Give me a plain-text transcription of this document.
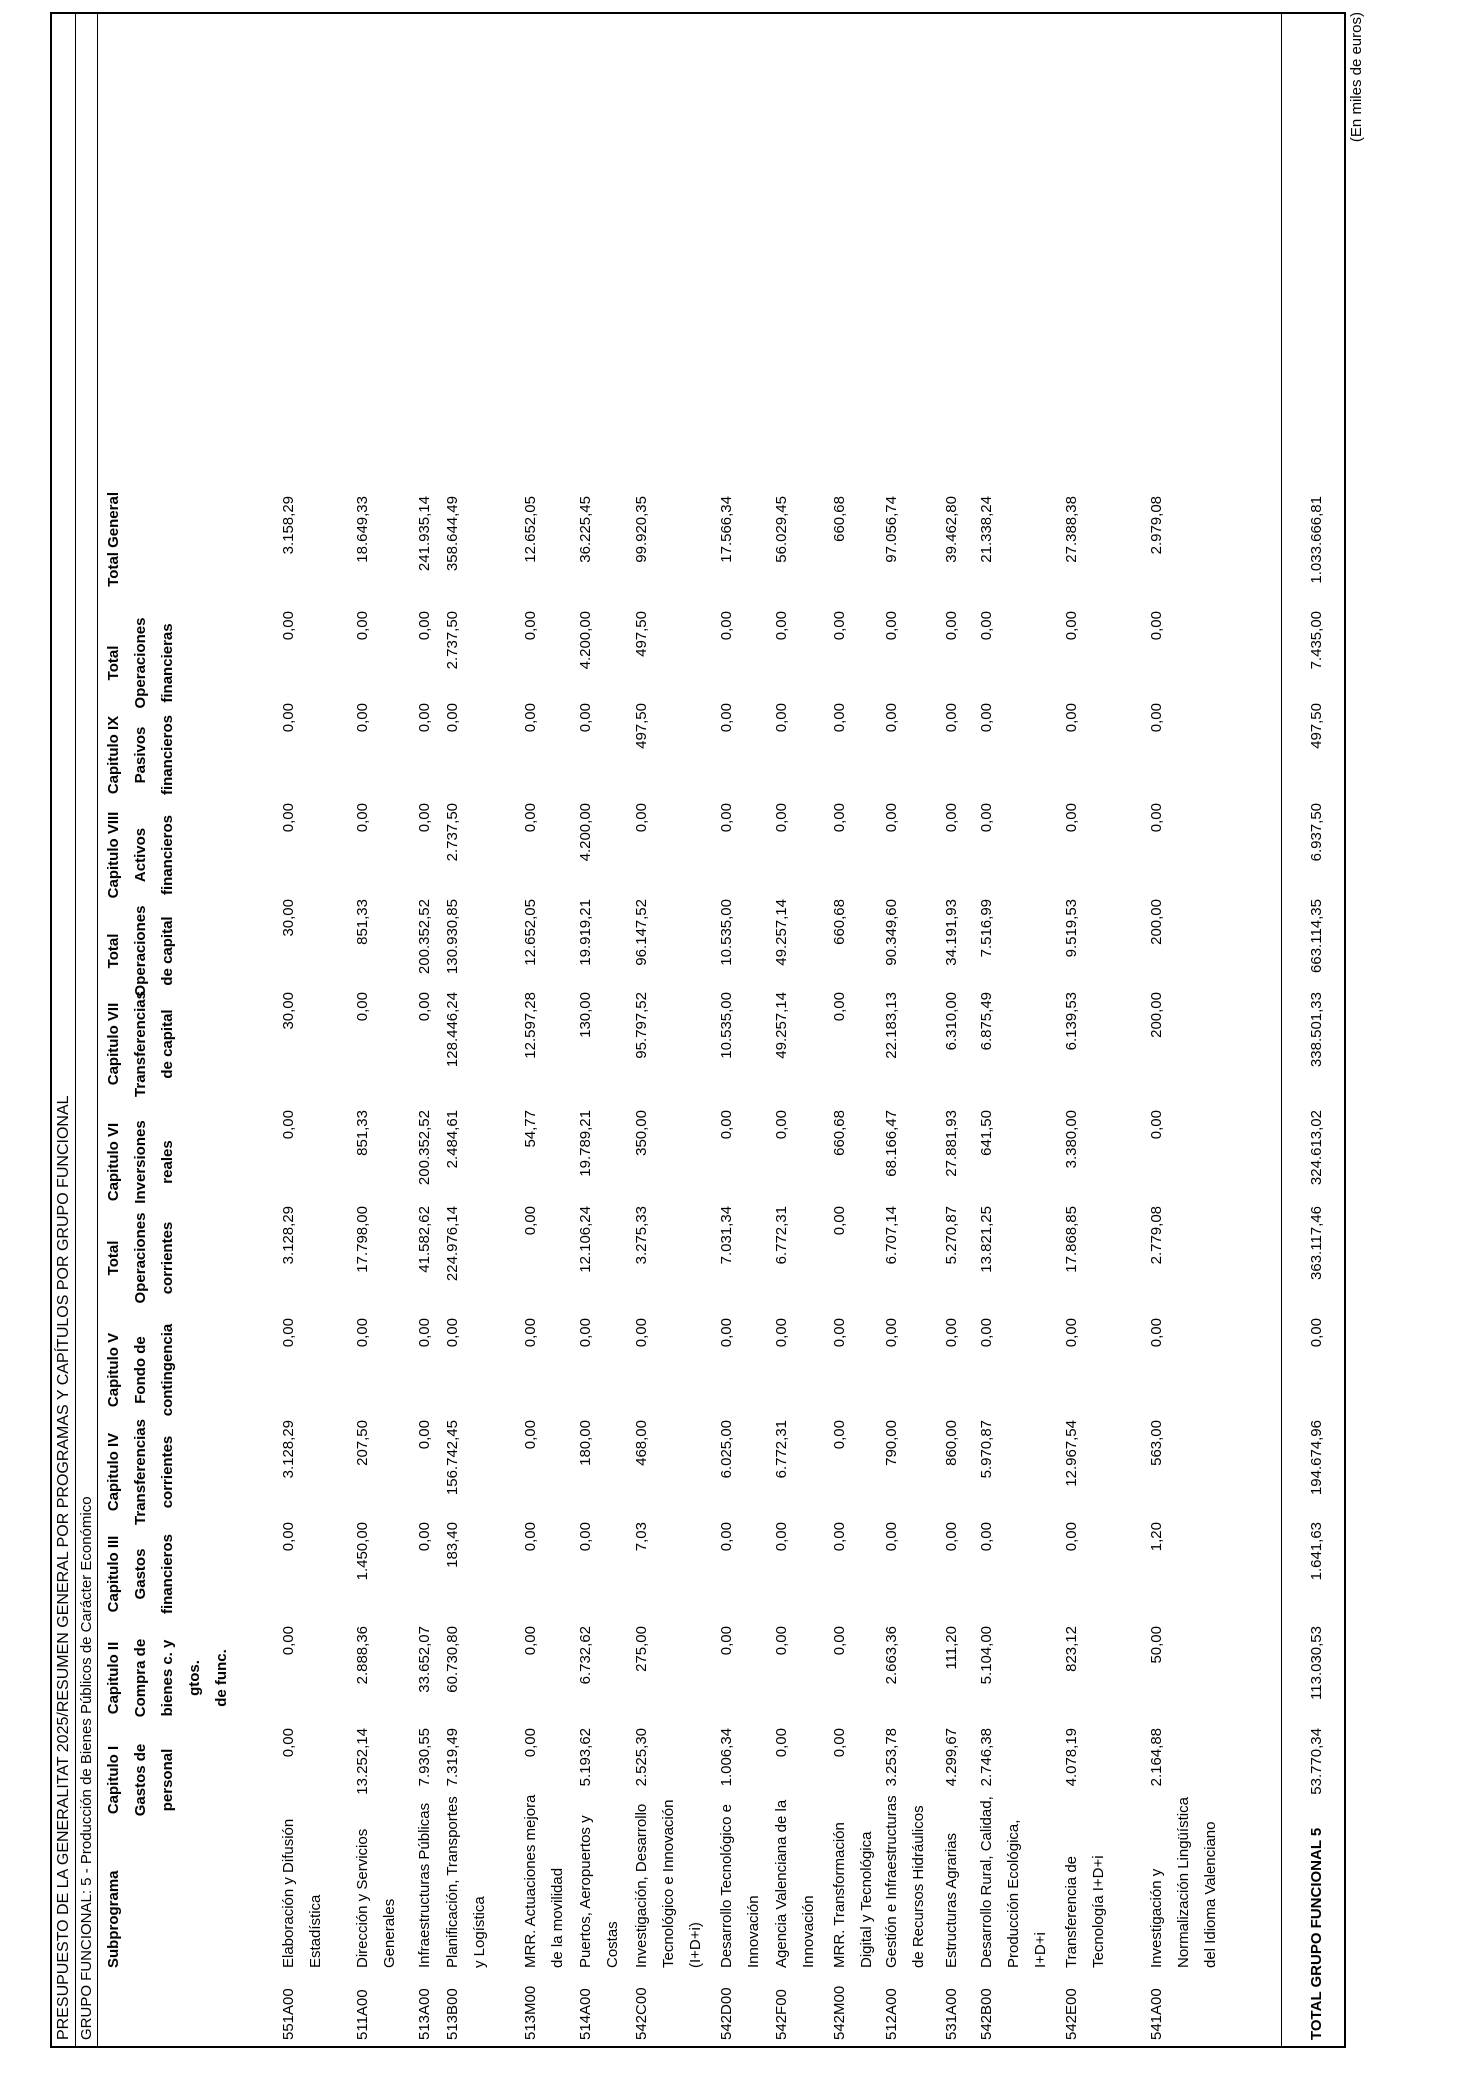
(En miles de euros)
PRESUPUESTO DE LA GENERALITAT 2025/RESUMEN GENERAL POR PROGRAMAS Y CAPÍTULOS POR GRUPO FUNCIONAL GRUPO FUNCIONAL: 5 - Producción de Bienes Públicos de Carácter Económico Subprograma
Capitulo I Gastos de personal
Capitulo II Compra de bienes c. y gtos. de func.
Capitulo III Gastos financieros
Capitulo IV Transferencias corrientes
Capitulo V Fondo de contingencia
Total Operaciones corrientes
Capitulo VI Inversiones reales
Capitulo VII Transferencias de capital
Total Operaciones de capital
Capitulo VIII Activos financieros
Capitulo IX Pasivos financieros
Total Operaciones financieras
Total General
551A00
Elaboración y Difusión Estadística
0,00
0,00
0,00
3.128,29
0,00
3.128,29
0,00
30,00
30,00
0,00
0,00
0,00
3.158,29
511A00
Dirección y Servicios Generales
13.252,14
2.888,36
1.450,00
207,50
0,00
17.798,00
851,33
0,00
851,33
0,00
0,00
0,00
18.649,33
513A00
Infraestructuras Públicas
7.930,55
33.652,07
0,00
0,00
0,00
41.582,62
200.352,52
0,00
200.352,52
0,00
0,00
0,00
241.935,14
513B00
Planificación, Transportes y Logística
7.319,49
60.730,80
183,40
156.742,45
0,00
224.976,14
2.484,61
128.446,24
130.930,85
2.737,50
0,00
2.737,50
358.644,49
513M00
MRR. Actuaciones mejora de la movilidad
0,00
0,00
0,00
0,00
0,00
0,00
54,77
12.597,28
12.652,05
0,00
0,00
0,00
12.652,05
514A00
Puertos, Aeropuertos y Costas
5.193,62
6.732,62
0,00
180,00
0,00
12.106,24
19.789,21
130,00
19.919,21
4.200,00
0,00
4.200,00
36.225,45
542C00
Investigación, Desarrollo Tecnológico e Innovación (I+D+i)
2.525,30
275,00
7,03
468,00
0,00
3.275,33
350,00
95.797,52
96.147,52
0,00
497,50
497,50
99.920,35
542D00
Desarrollo Tecnológico e Innovación
1.006,34
0,00
0,00
6.025,00
0,00
7.031,34
0,00
10.535,00
10.535,00
0,00
0,00
0,00
17.566,34
542F00
Agencia Valenciana de la Innovación
0,00
0,00
0,00
6.772,31
0,00
6.772,31
0,00
49.257,14
49.257,14
0,00
0,00
0,00
56.029,45
542M00
MRR. Transformación Digital y Tecnológica
0,00
0,00
0,00
0,00
0,00
0,00
660,68
0,00
660,68
0,00
0,00
0,00
660,68
512A00
Gestión e Infraestructuras de Recursos Hidráulicos
3.253,78
2.663,36
0,00
790,00
0,00
6.707,14
68.166,47
22.183,13
90.349,60
0,00
0,00
0,00
97.056,74
531A00
Estructuras Agrarias
4.299,67
111,20
0,00
860,00
0,00
5.270,87
27.881,93
6.310,00
34.191,93
0,00
0,00
0,00
39.462,80
542B00
Desarrollo Rural, Calidad, Producción Ecológica, I+D+i
2.746,38
5.104,00
0,00
5.970,87
0,00
13.821,25
641,50
6.875,49
7.516,99
0,00
0,00
0,00
21.338,24
542E00
Transferencia de Tecnología I+D+i
4.078,19
823,12
0,00
12.967,54
0,00
17.868,85
3.380,00
6.139,53
9.519,53
0,00
0,00
0,00
27.388,38
541A00
Investigación y Normalización Lingüística del Idioma Valenciano
2.164,88
50,00
1,20
563,00
0,00
2.779,08
0,00
200,00
200,00
0,00
0,00
0,00
2.979,08
TOTAL GRUPO FUNCIONAL 5
53.770,34
113.030,53
1.641,63
194.674,96
0,00
363.117,46
324.613,02
338.501,33
663.114,35
6.937,50
497,50
7.435,00
1.033.666,81
